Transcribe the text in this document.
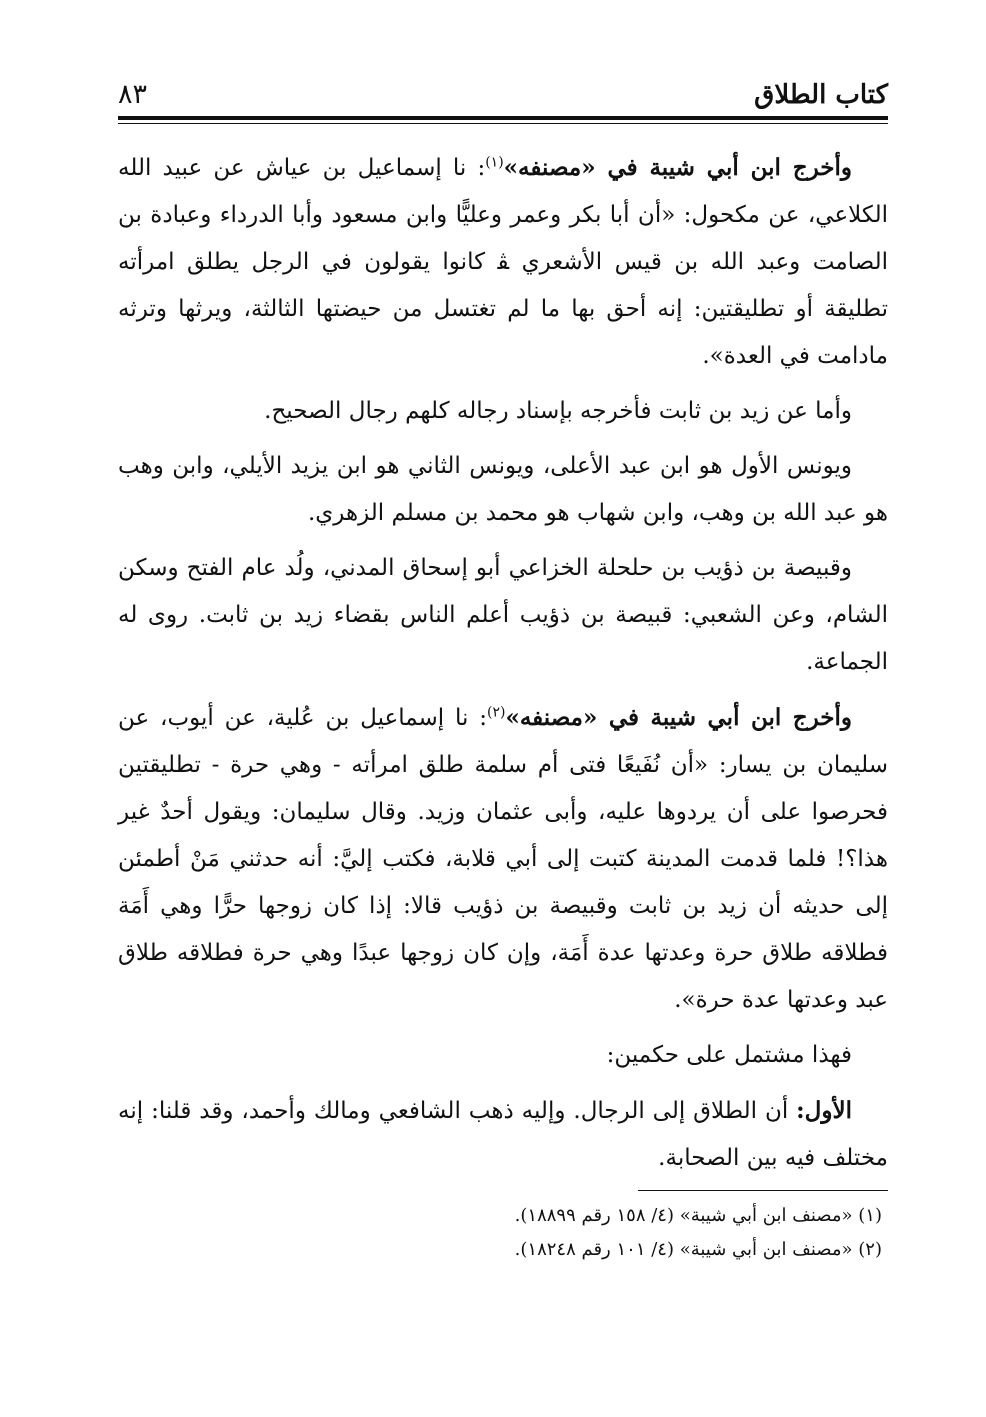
كتاب الطلاق
٨٣

وأخرج ابن أبي شيبة في «مصنفه»$^{(١)}$: نا إسماعيل بن عياش عن عبيد الله الكلاعي، عن مكحول: «أن أبا بكر وعمر وعليًّا وابن مسعود وأبا الدرداء وعبادة بن الصامت وعبد الله بن قيس الأشعري ﭭ كانوا يقولون في الرجل يطلق امرأته تطليقة أو تطليقتين: إنه أحق بها ما لم تغتسل من حيضتها الثالثة، ويرثها وترثه مادامت في العدة».

وأما عن زيد بن ثابت فأخرجه بإسناد رجاله كلهم رجال الصحيح.

ويونس الأول هو ابن عبد الأعلى، ويونس الثاني هو ابن يزيد الأيلي، وابن وهب هو عبد الله بن وهب، وابن شهاب هو محمد بن مسلم الزهري.

وقبيصة بن ذؤيب بن حلحلة الخزاعي أبو إسحاق المدني، ولُد عام الفتح وسكن الشام، وعن الشعبي: قبيصة بن ذؤيب أعلم الناس بقضاء زيد بن ثابت. روى له الجماعة.

وأخرج ابن أبي شيبة في «مصنفه»$^{(٢)}$: نا إسماعيل بن عُلية، عن أيوب، عن سليمان بن يسار: «أن نُفَيعًا فتى أم سلمة طلق امرأته - وهي حرة - تطليقتين فحرصوا على أن يردوها عليه، وأبى عثمان وزيد. وقال سليمان: ويقول أحدٌ غير هذا؟! فلما قدمت المدينة كتبت إلى أبي قلابة، فكتب إليَّ: أنه حدثني مَنْ أطمئن إلى حديثه أن زيد بن ثابت وقبيصة بن ذؤيب قالا: إذا كان زوجها حرًّا وهي أَمَة فطلاقه طلاق حرة وعدتها عدة أَمَة، وإن كان زوجها عبدًا وهي حرة فطلاقه طلاق عبد وعدتها عدة حرة».

فهذا مشتمل على حكمين:

الأول: أن الطلاق إلى الرجال. وإليه ذهب الشافعي ومالك وأحمد، وقد قلنا: إنه مختلف فيه بين الصحابة.

(١) «مصنف ابن أبي شيبة» (٤/ ١٥٨ رقم ١٨٨٩٩).
(٢) «مصنف ابن أبي شيبة» (٤/ ١٠١ رقم ١٨٢٤٨).
